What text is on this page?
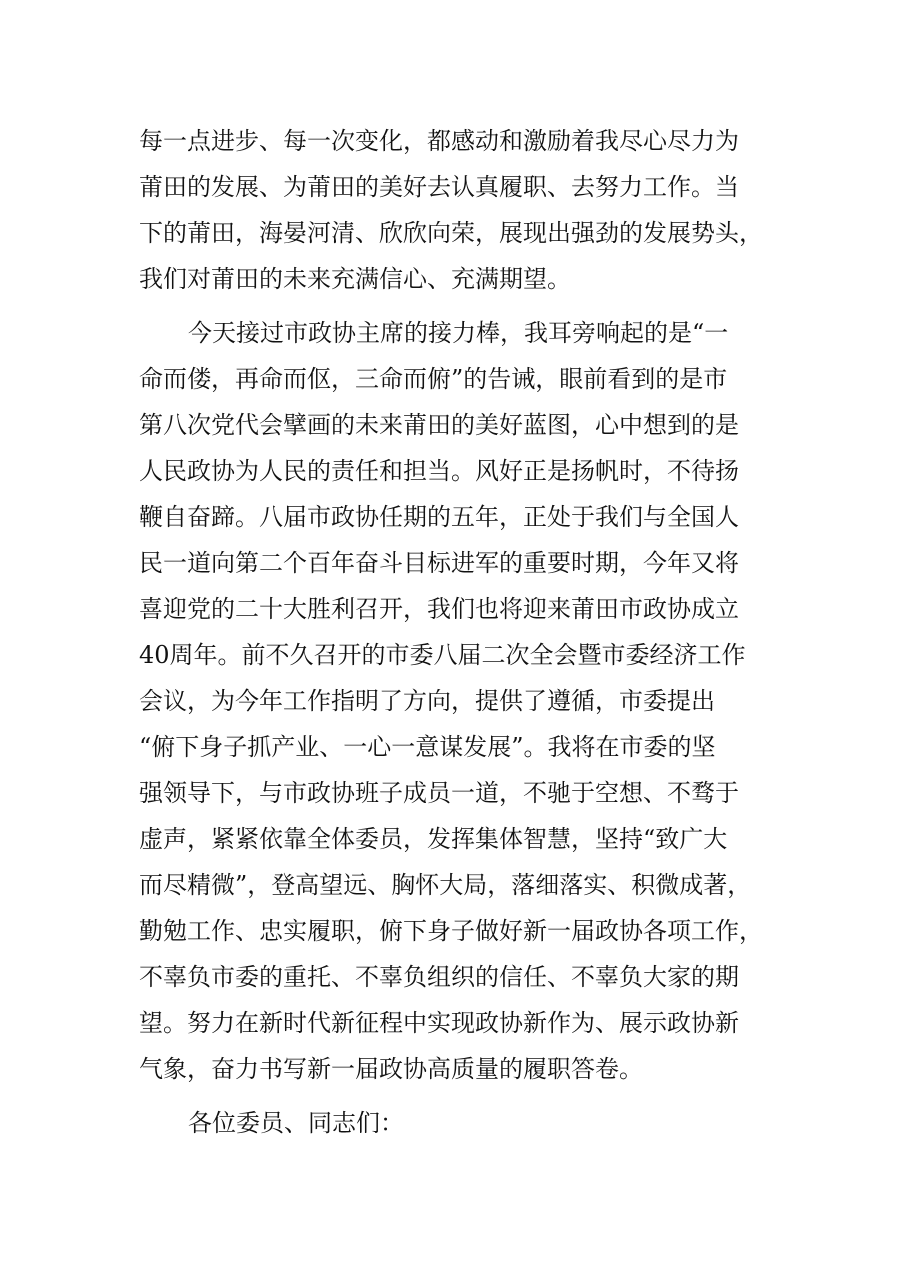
每一点进步、每一次变化，都感动和激励着我尽心尽力为
莆田的发展、为莆田的美好去认真履职、去努力工作。当
下的莆田，海晏河清、欣欣向荣，展现出强劲的发展势头，
我们对莆田的未来充满信心、充满期望。
今天接过市政协主席的接力棒，我耳旁响起的是“一
命而偻，再命而伛，三命而俯”的告诫，眼前看到的是市
第八次党代会擘画的未来莆田的美好蓝图，心中想到的是
人民政协为人民的责任和担当。风好正是扬帆时，不待扬
鞭自奋蹄。八届市政协任期的五年，正处于我们与全国人
民一道向第二个百年奋斗目标进军的重要时期，今年又将
喜迎党的二十大胜利召开，我们也将迎来莆田市政协成立
40周年。前不久召开的市委八届二次全会暨市委经济工作
会议，为今年工作指明了方向，提供了遵循，市委提出
“俯下身子抓产业、一心一意谋发展”。我将在市委的坚
强领导下，与市政协班子成员一道，不驰于空想、不骛于
虚声，紧紧依靠全体委员，发挥集体智慧，坚持“致广大
而尽精微”，登高望远、胸怀大局，落细落实、积微成著，
勤勉工作、忠实履职，俯下身子做好新一届政协各项工作，
不辜负市委的重托、不辜负组织的信任、不辜负大家的期
望。努力在新时代新征程中实现政协新作为、展示政协新
气象，奋力书写新一届政协高质量的履职答卷。
各位委员、同志们：
